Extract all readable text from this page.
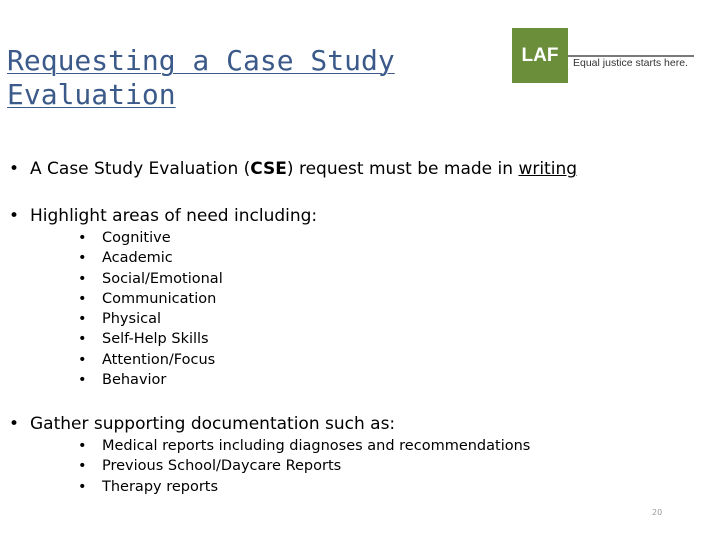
Requesting a Case Study
Evaluation
LAF	Equal justice starts here.
• A Case Study Evaluation (CSE) request must be made in writing
• Highlight areas of need including:
• Cognitive
• Academic
• Social/Emotional
• Communication
• Physical
• Self-Help Skills
• Attention/Focus
• Behavior
• Gather supporting documentation such as:
• Medical reports including diagnoses and recommendations
• Previous School/Daycare Reports
• Therapy reports
20
